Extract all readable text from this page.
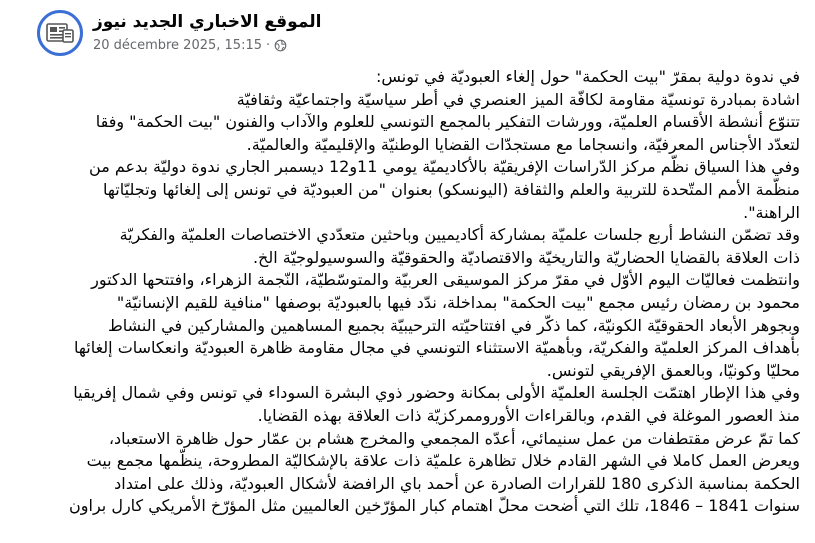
الموقع الاخباري الجديد نيوز
20 décembre 2025, 15:15 ·

في ندوة دولية بمقرّ "بيت الحكمة" حول إلغاء العبوديّة في تونس:

اشادة بمبادرة تونسيّة مقاومة لكافّة الميز العنصري في أطر سياسيّة واجتماعيّة وثقافيّة

تتنوّع أنشطة الأقسام العلميّة، وورشات التفكير بالمجمع التونسي للعلوم والآداب والفنون "بيت الحكمة" وفقا

لتعدّد الأجناس المعرفيّة، وانسجاما مع مستجدّات القضايا الوطنيّة والإقليميّة والعالميّة.

وفي هذا السياق نظّم مركز الدّراسات الإفريقيّة بالأكاديميّة يومي 11و12 ديسمبر الجاري ندوة دوليّة بدعم من

منظّمة الأمم المتّحدة للتربية والعلم والثقافة (اليونسكو) بعنوان "من العبوديّة في تونس إلى إلغائها وتجليّاتها

الراهنة".

وقد تضمّن النشاط أربع جلسات علميّة بمشاركة أكاديميين وباحثين متعدّدي الاختصاصات العلميّة والفكريّة

ذات العلاقة بالقضايا الحضاريّة والتاريخيّة والاقتصاديّة والحقوقيّة والسوسيولوجيّة الخ.

وانتظمت فعاليّات اليوم الأوّل في مقرّ مركز الموسيقى العربيّة والمتوسّطيّة، النّجمة الزهراء، وافتتحها الدكتور

محمود بن رمضان رئيس مجمع "بيت الحكمة" بمداخلة، ندّد فيها بالعبوديّة بوصفها "منافية للقيم الإنسانيّة"

وبجوهر الأبعاد الحقوقيّة الكونيّة، كما ذكّر في افتتاحيّته الترحيبيّة بجميع المساهمين والمشاركين في النشاط

بأهداف المركز العلميّة والفكريّة، وبأهميّة الاستثناء التونسي في مجال مقاومة ظاهرة العبوديّة وانعكاسات إلغائها

محليّا وكونيّا، وبالعمق الإفريقي لتونس.

وفي هذا الإطار اهتمّت الجلسة العلميّة الأولى بمكانة وحضور ذوي البشرة السوداء في تونس وفي شمال إفريقيا

منذ العصور الموغلة في القدم، وبالقراءات الأوروممركزيّة ذات العلاقة بهذه القضايا.

كما تمّ عرض مقتطفات من عمل سنيمائي، أعدّه المجمعي والمخرج هشام بن عمّار حول ظاهرة الاستعباد،

ويعرض العمل كاملا في الشهر القادم خلال تظاهرة علميّة ذات علاقة بالإشكاليّة المطروحة، ينظّمها مجمع بيت

الحكمة بمناسبة الذكرى 180 للقرارات الصادرة عن أحمد باي الرافضة لأشكال العبوديّة، وذلك على امتداد

سنوات 1841 – 1846، تلك التي أضحت محلّ اهتمام كبار المؤرّخين العالميين مثل المؤرّخ الأمريكي كارل براون
